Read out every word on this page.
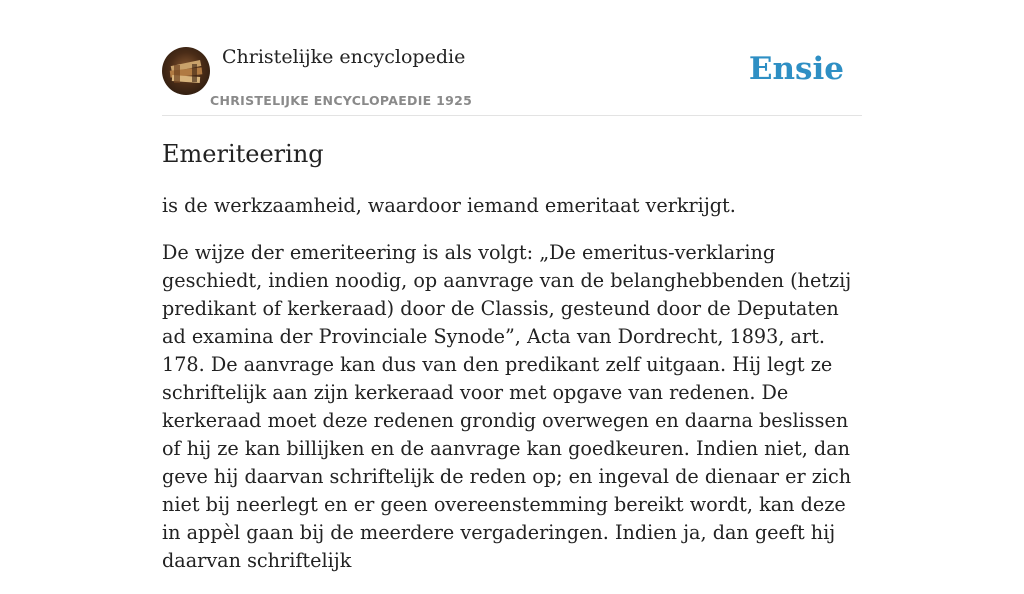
Christelijke encyclopedie
CHRISTELIJKE ENCYCLOPAEDIE 1925
Ensie
Emeriteering

is de werkzaamheid, waardoor iemand emeritaat verkrijgt.

De wijze der emeriteering is als volgt: „De emeritus-verklaring geschiedt, indien noodig, op aanvrage van de belanghebbenden (hetzij predikant of kerkeraad) door de Classis, gesteund door de Deputaten ad examina der Provinciale Synode”, Acta van Dordrecht, 1893, art. 178. De aanvrage kan dus van den predikant zelf uitgaan. Hij legt ze schriftelijk aan zijn kerkeraad voor met opgave van redenen. De kerkeraad moet deze redenen grondig overwegen en daarna beslissen of hij ze kan billijken en de aanvrage kan goedkeuren. Indien niet, dan geve hij daarvan schriftelijk de reden op; en ingeval de dienaar er zich niet bij neerlegt en er geen overeenstemming bereikt wordt, kan deze in appèl gaan bij de meerdere vergaderingen. Indien ja, dan geeft hij daarvan schriftelijk
